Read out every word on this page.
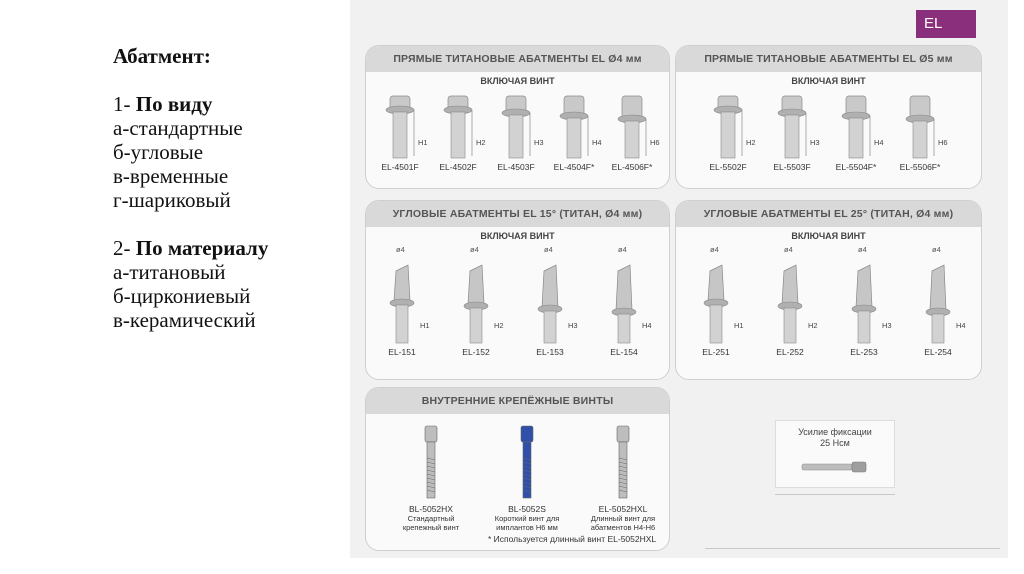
Абатмент:
1- По виду
а-стандартные
б-угловые
в-временные
г-шариковый
2- По материалу
а-титановый
б-циркониевый
в-керамический
EL
ПРЯМЫЕ ТИТАНОВЫЕ АБАТМЕНТЫ EL Ø4 мм
ВКЛЮЧАЯ ВИНТ
EL-4501F
H1
EL-4502F
H2
EL-4503F
H3
EL-4504F*
H4
EL-4506F*
H6
ПРЯМЫЕ ТИТАНОВЫЕ АБАТМЕНТЫ EL Ø5 мм
ВКЛЮЧАЯ ВИНТ
EL-5502F
H2
EL-5503F
H3
EL-5504F*
H4
EL-5506F*
H6
УГЛОВЫЕ АБАТМЕНТЫ EL 15° (ТИТАН, Ø4 мм)
ВКЛЮЧАЯ ВИНТ
EL-151
H1
ø4
EL-152
H2
ø4
EL-153
H3
ø4
EL-154
H4
ø4
УГЛОВЫЕ АБАТМЕНТЫ EL 25° (ТИТАН, Ø4 мм)
ВКЛЮЧАЯ ВИНТ
EL-251
H1
ø4
EL-252
H2
ø4
EL-253
H3
ø4
EL-254
H4
ø4
ВНУТРЕННИЕ КРЕПЁЖНЫЕ ВИНТЫ
* Используется длинный винт EL-5052HXL
BL-5052HX
Стандартный
крепежный винт
BL-5052S
Короткий винт для
имплантов H6 мм
EL-5052HXL
Длинный винт для
абатментов H4-H6
Усилие фиксации
25 Нсм
